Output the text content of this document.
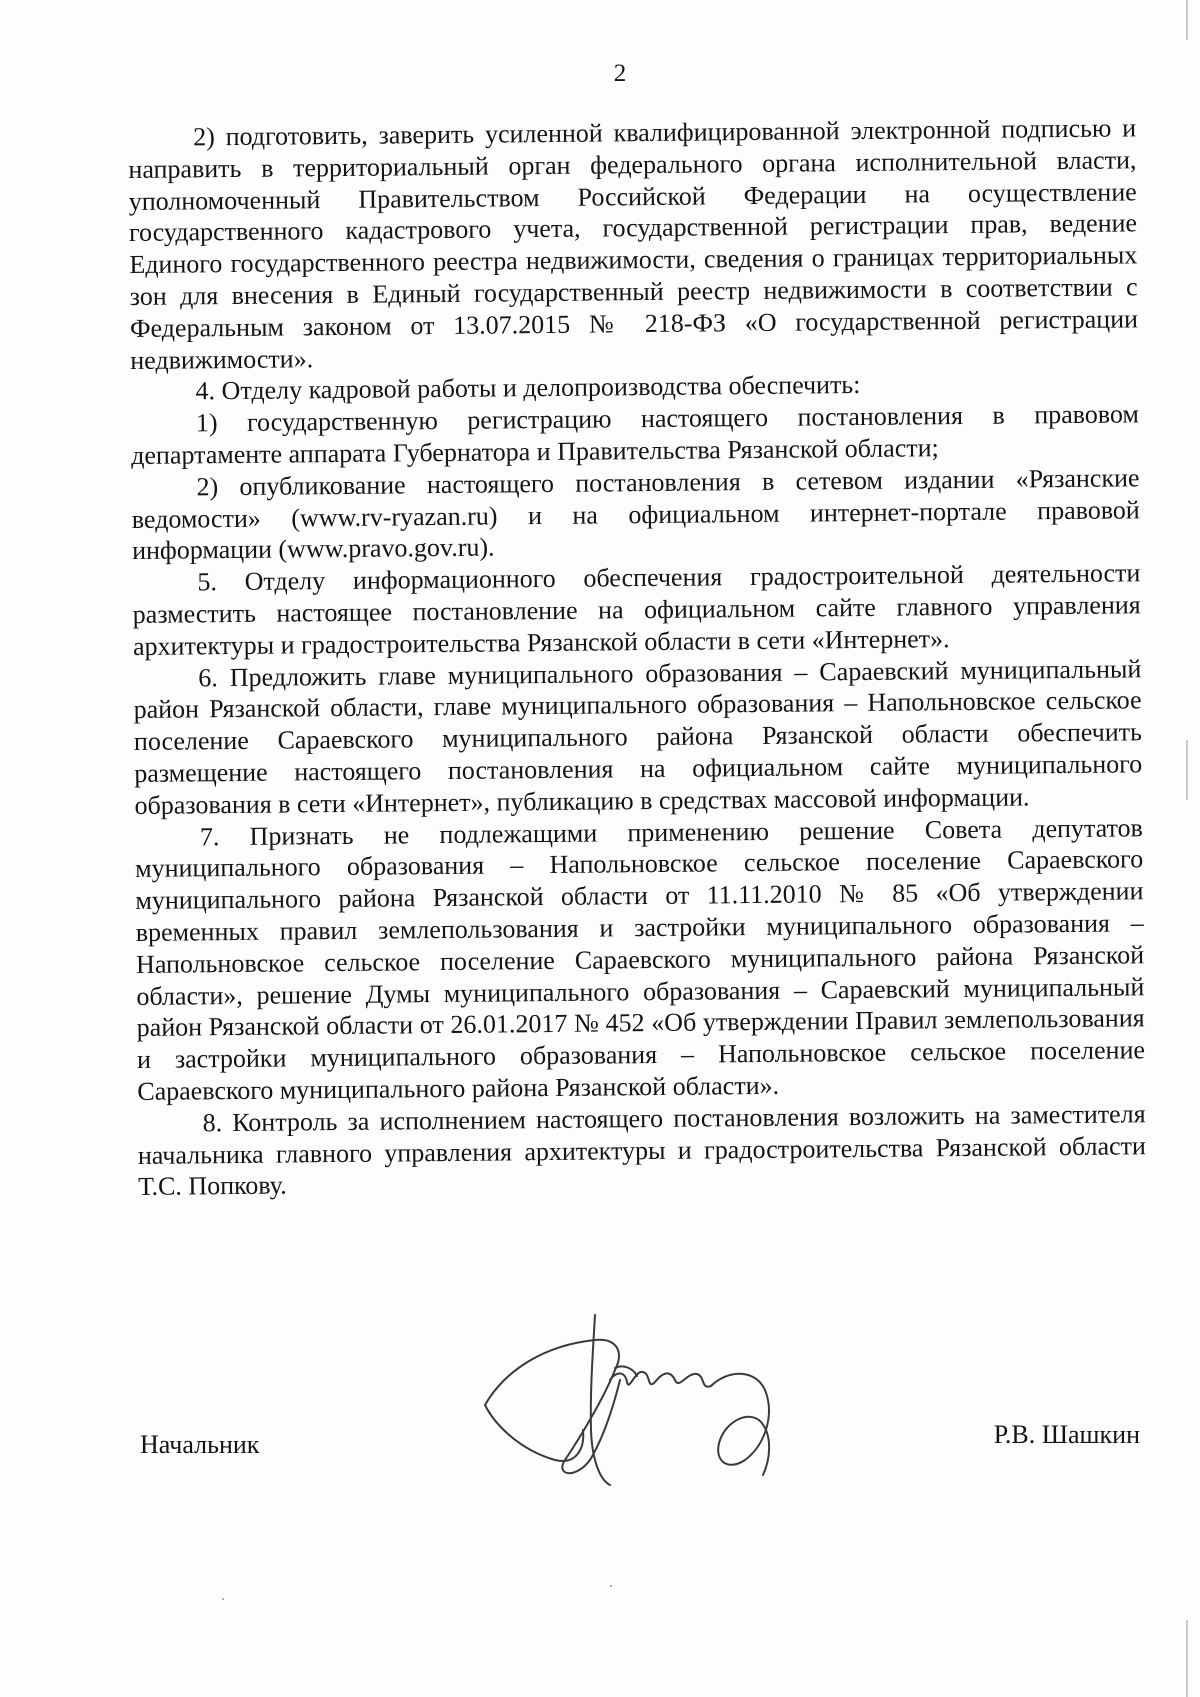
2

2) подготовить, заверить усиленной квалифицированной электронной подписью и направить в территориальный орган федерального органа исполнительной власти, уполномоченный Правительством Российской Федерации на осуществление государственного кадастрового учета, государственной регистрации прав, ведение Единого государственного реестра недвижимости, сведения о границах территориальных зон для внесения в Единый государственный реестр недвижимости в соответствии с Федеральным законом от 13.07.2015 № 218-ФЗ «О государственной регистрации недвижимости».

4. Отделу кадровой работы и делопроизводства обеспечить:

1) государственную регистрацию настоящего постановления в правовом департаменте аппарата Губернатора и Правительства Рязанской области;

2) опубликование настоящего постановления в сетевом издании «Рязанские ведомости» (www.rv-ryazan.ru) и на официальном интернет-портале правовой информации (www.pravo.gov.ru).

5. Отделу информационного обеспечения градостроительной деятельности разместить настоящее постановление на официальном сайте главного управления архитектуры и градостроительства Рязанской области в сети «Интернет».

6. Предложить главе муниципального образования – Сараевский муниципальный район Рязанской области, главе муниципального образования – Напольновское сельское поселение Сараевского муниципального района Рязанской области обеспечить размещение настоящего постановления на официальном сайте муниципального образования в сети «Интернет», публикацию в средствах массовой информации.

7. Признать не подлежащими применению решение Совета депутатов муниципального образования – Напольновское сельское поселение Сараевского муниципального района Рязанской области от 11.11.2010 № 85 «Об утверждении временных правил землепользования и застройки муниципального образования – Напольновское сельское поселение Сараевского муниципального района Рязанской области», решение Думы муниципального образования – Сараевский муниципальный район Рязанской области от 26.01.2017 № 452 «Об утверждении Правил землепользования и застройки муниципального образования – Напольновское сельское поселение Сараевского муниципального района Рязанской области».

8. Контроль за исполнением настоящего постановления возложить на заместителя начальника главного управления архитектуры и градостроительства Рязанской области Т.С. Попкову.

Начальник	Р.В. Шашкин
